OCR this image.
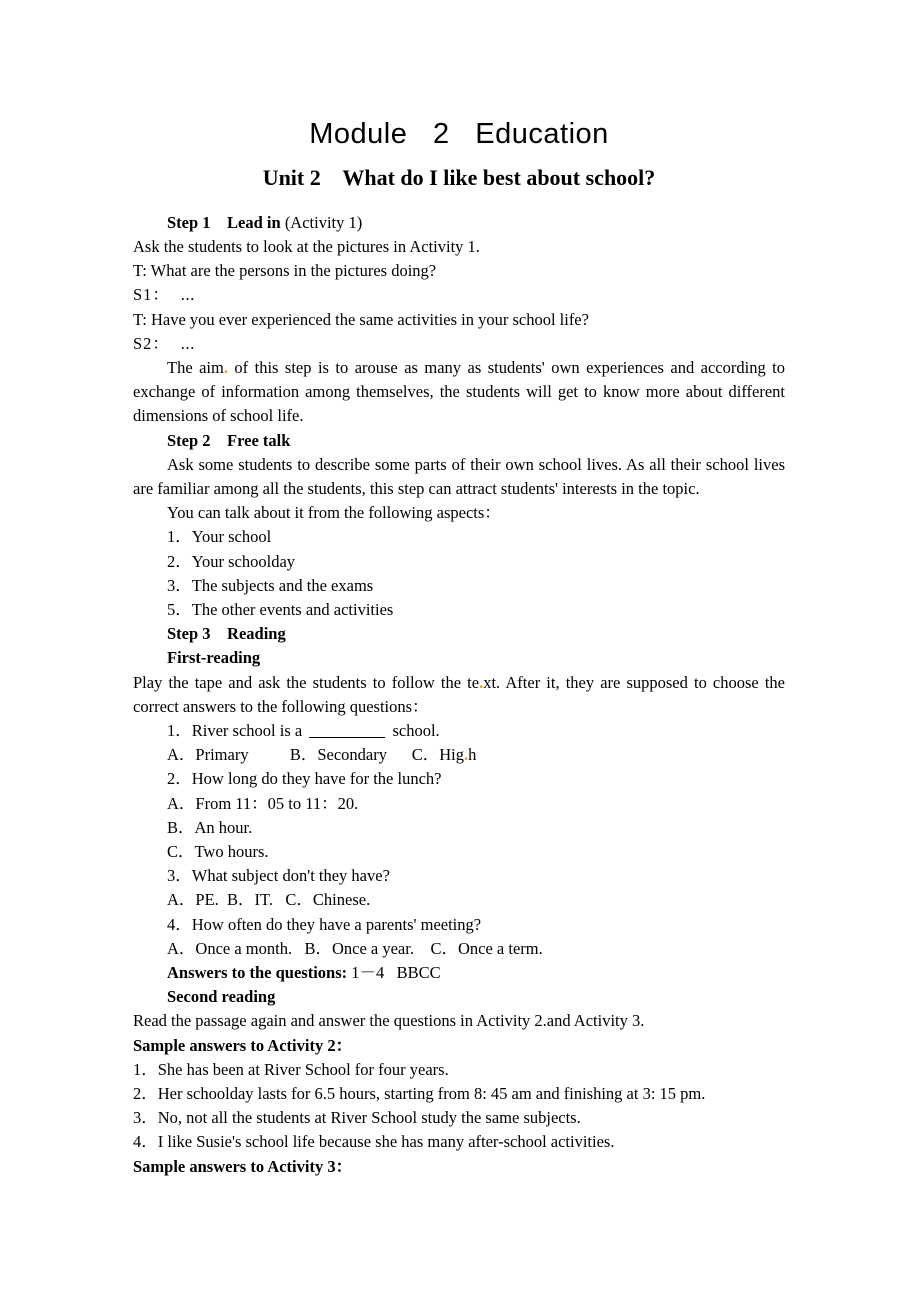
Module   2   Education
Unit 2    What do I like best about school?
Step 1    Lead in (Activity 1)
Ask the students to look at the pictures in Activity 1.
T: What are the persons in the pictures doing?
S1：  ⋯
T: Have you ever experienced the same activities in your school life?
S2：  ⋯
The aim. of this step is to arouse as many as students' own experiences and according to exchange of information among themselves, the students will get to know more about different dimensions of school life.
Step 2    Free talk
Ask some students to describe some parts of their own school lives. As all their school lives are familiar among all the students, this step can attract students' interests in the topic.
You can talk about it from the following aspects：
1．Your school
2．Your schoolday
3．The subjects and the exams
5．The other events and activities
Step 3    Reading
First-reading
Play the tape and ask the students to follow the te.xt. After it, they are supposed to choose the correct answers to the following questions：
1．River school is a	school.
A．Primary          B．Secondary      C．Hig.h
2．How long do they have for the lunch?
A．From 11：05 to 11：20.
B．An hour.
C．Two hours.
3．What subject don't they have?
A．PE.  B．IT.   C．Chinese.
4．How often do they have a parents' meeting?
A．Once a month.   B．Once a year.    C．Once a term.
Answers to the questions: 1－4   BBCC
Second reading
Read the passage again and answer the questions in Activity 2.and Activity 3.
Sample answers to Activity 2：
1．She has been at River School for four years.
2．Her schoolday lasts for 6.5 hours, starting from 8: 45 am and finishing at 3: 15 pm.
3．No, not all the students at River School study the same subjects.
4．I like Susie's school life because she has many after-school activities.
Sample answers to Activity 3：
